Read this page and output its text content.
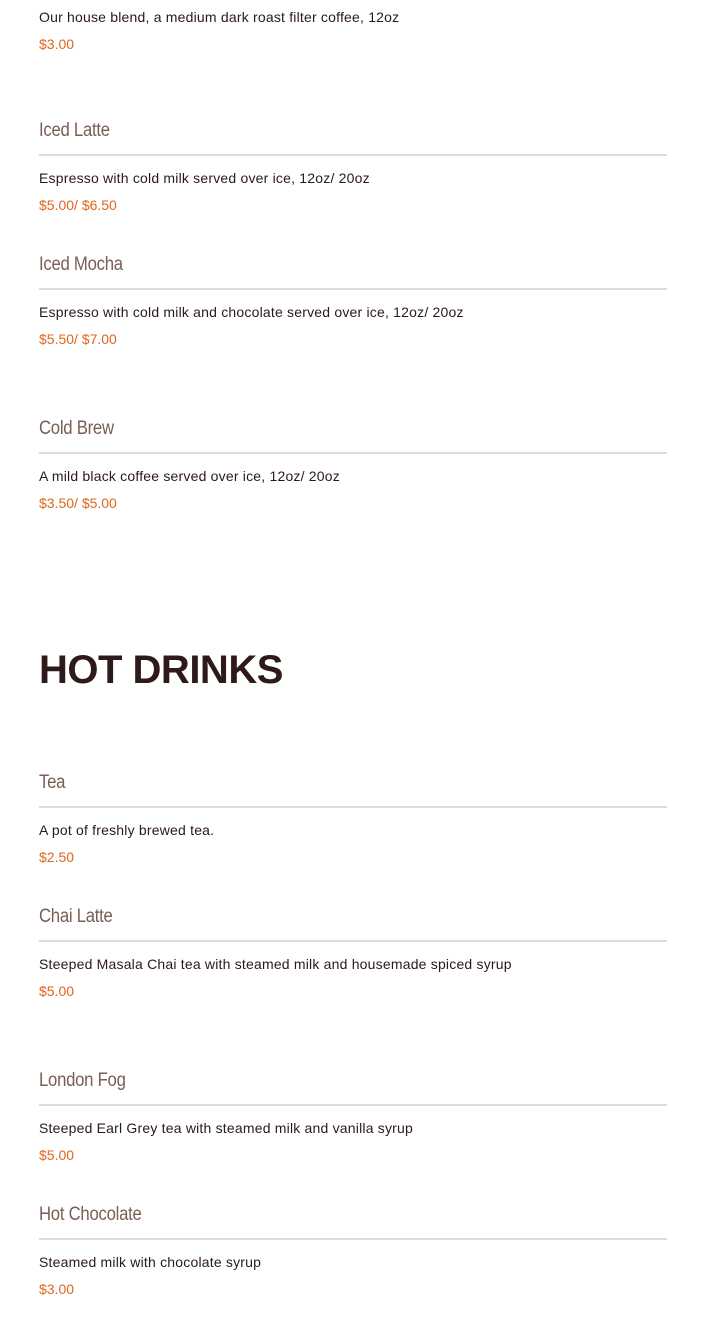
Our house blend, a medium dark roast filter coffee, 12oz
$3.00
Iced Latte
Espresso with cold milk served over ice, 12oz/ 20oz
$5.00/ $6.50
Iced Mocha
Espresso with cold milk and chocolate served over ice, 12oz/ 20oz
$5.50/ $7.00
Cold Brew
A mild black coffee served over ice, 12oz/ 20oz
$3.50/ $5.00
HOT DRINKS
Tea
A pot of freshly brewed tea.
$2.50
Chai Latte
Steeped Masala Chai tea with steamed milk and housemade spiced syrup
$5.00
London Fog
Steeped Earl Grey tea with steamed milk and vanilla syrup
$5.00
Hot Chocolate
Steamed milk with chocolate syrup
$3.00
